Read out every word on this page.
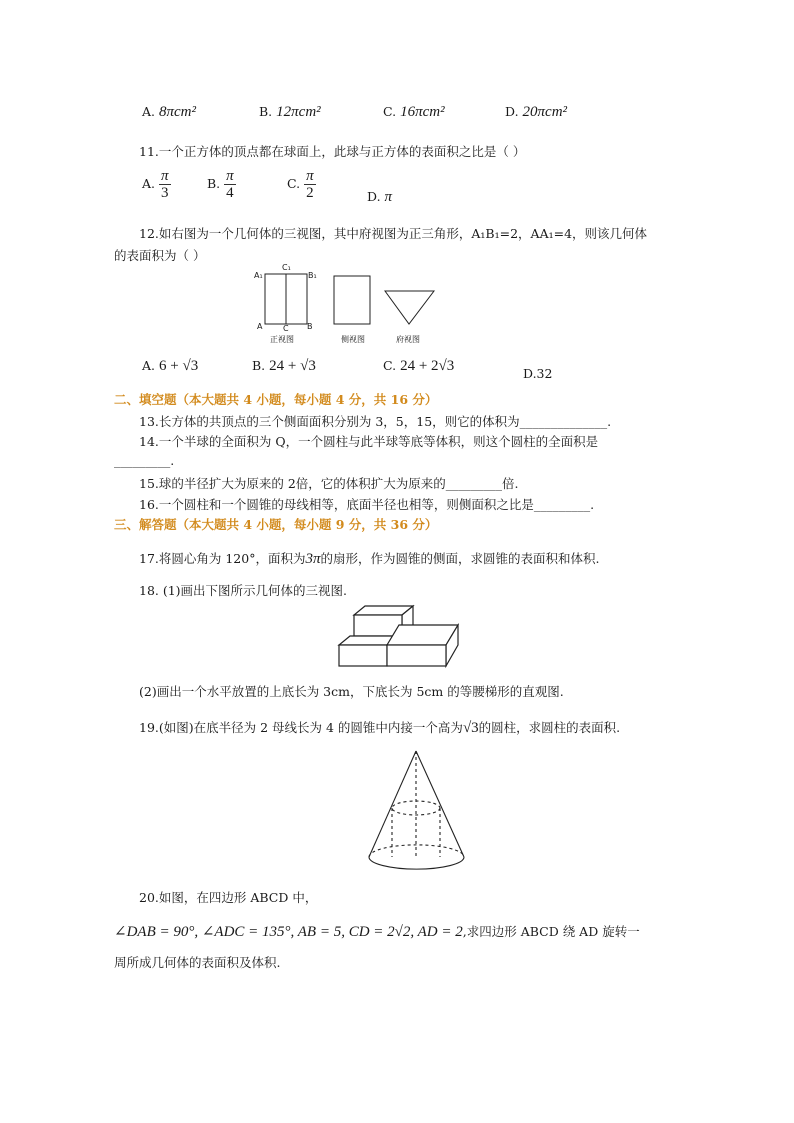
A. 8πcm²	B. 12πcm²	C. 16πcm²	D. 20πcm²
11.一个正方体的顶点都在球面上，此球与正方体的表面积之比是（ ）
A. $\frac{\pi}{3}$	B. $\frac{\pi}{4}$	C. $\frac{\pi}{2}$	D. π
12.如右图为一个几何体的三视图，其中府视图为正三角形，A₁B₁=2，AA₁=4，则该几何体
的表面积为（ ）
A₁
C₁
B₁
A	C B
正视图	侧视图	府视图
A. 6 + √3	B. 24 + √3	C. 24 + 2√3	D.32
二、填空题（本大题共 4 小题，每小题 4 分，共 16 分）
13.长方体的共顶点的三个侧面面积分别为 3，5，15，则它的体积为______________.
14.一个半球的全面积为 Q，一个圆柱与此半球等底等体积，则这个圆柱的全面积是
_________.
15.球的半径扩大为原来的 2倍，它的体积扩大为原来的_________倍.
16.一个圆柱和一个圆锥的母线相等，底面半径也相等，则侧面积之比是_________.
三、解答题（本大题共 4 小题，每小题 9 分，共 36 分）
17.将圆心角为 120°，面积为3π的扇形，作为圆锥的侧面，求圆锥的表面积和体积.
18. (1)画出下图所示几何体的三视图.
(2)画出一个水平放置的上底长为 3cm，下底长为 5cm 的等腰梯形的直观图.
19.(如图)在底半径为 2 母线长为 4 的圆锥中内接一个高为√3的圆柱，求圆柱的表面积.
20.如图，在四边形 ABCD 中，
∠DAB = 90°, ∠ADC = 135°, AB = 5, CD = 2√2, AD = 2,求四边形 ABCD 绕 AD 旋转一
周所成几何体的表面积及体积.
